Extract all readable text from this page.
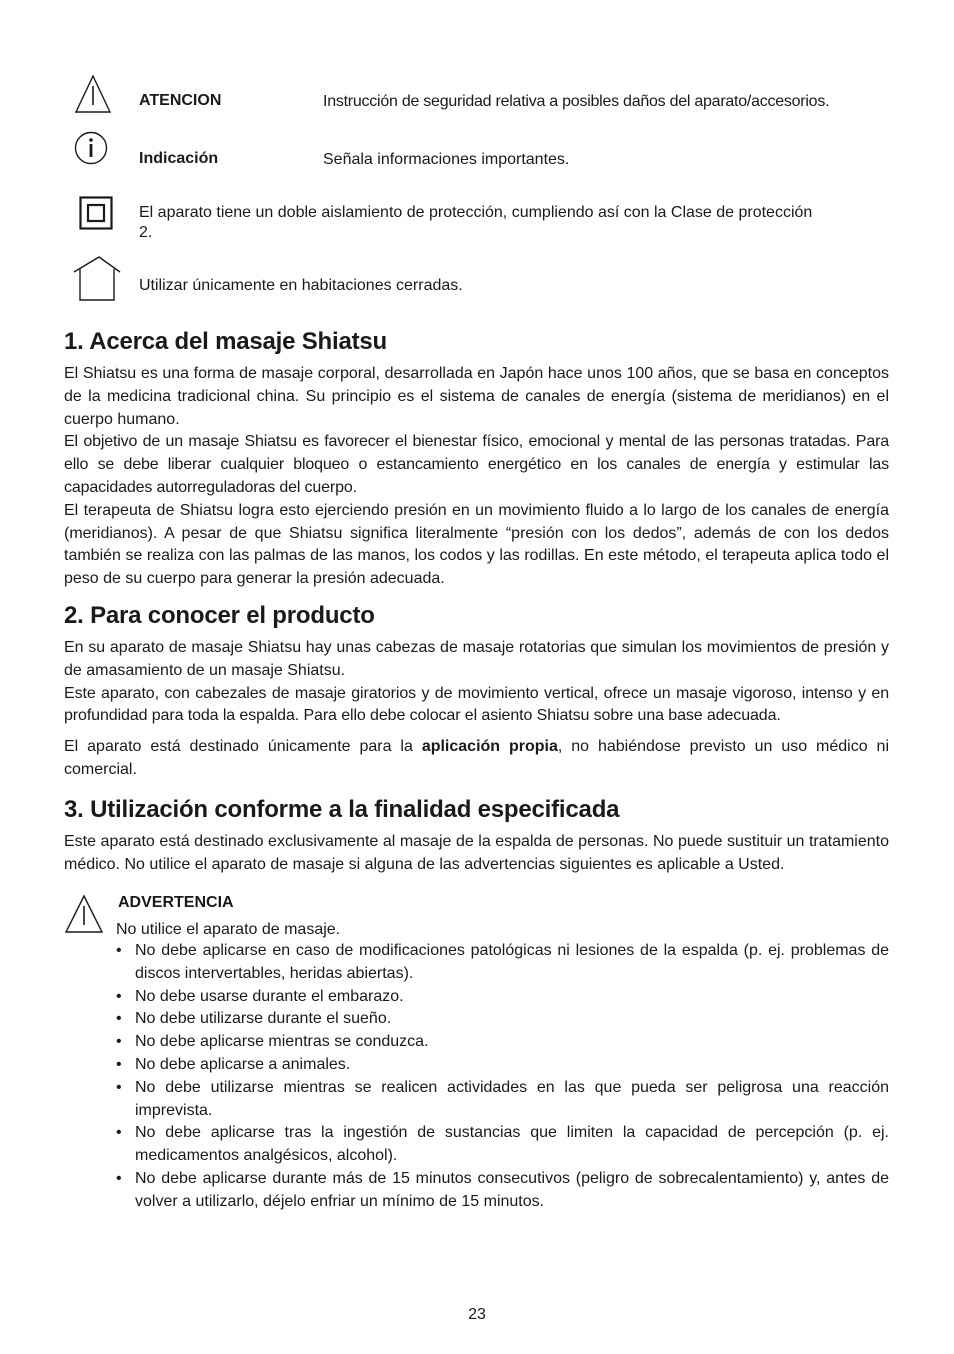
ATENCION	Instrucción de seguridad relativa a posibles daños del aparato/accesorios.
Indicación	Señala informaciones importantes.
El aparato tiene un doble aislamiento de protección, cumpliendo así con la Clase de protección 2.
Utilizar únicamente en habitaciones cerradas.
1. Acerca del masaje Shiatsu

El Shiatsu es una forma de masaje corporal, desarrollada en Japón hace unos 100 años, que se basa en conceptos de la medicina tradicional china. Su principio es el sistema de canales de energía (sistema de meridianos) en el cuerpo humano.

El objetivo de un masaje Shiatsu es favorecer el bienestar físico, emocional y mental de las personas tratadas. Para ello se debe liberar cualquier bloqueo o estancamiento energético en los canales de energía y estimular las capacidades autorreguladoras del cuerpo.

El terapeuta de Shiatsu logra esto ejerciendo presión en un movimiento fluido a lo largo de los canales de energía (meridianos). A pesar de que Shiatsu significa literalmente “presión con los dedos”, además de con los dedos también se realiza con las palmas de las manos, los codos y las rodillas. En este método, el terapeuta aplica todo el peso de su cuerpo para generar la presión adecuada.

2. Para conocer el producto

En su aparato de masaje Shiatsu hay unas cabezas de masaje rotatorias que simulan los movimientos de presión y de amasamiento de un masaje Shiatsu.

Este aparato, con cabezales de masaje giratorios y de movimiento vertical, ofrece un masaje vigoroso, intenso y en profundidad para toda la espalda. Para ello debe colocar el asiento Shiatsu sobre una base adecuada.

El aparato está destinado únicamente para la aplicación propia, no habiéndose previsto un uso médico ni comercial.

3. Utilización conforme a la finalidad especificada

Este aparato está destinado exclusivamente al masaje de la espalda de personas. No puede sustituir un tratamiento médico. No utilice el aparato de masaje si alguna de las advertencias siguientes es aplicable a Usted.

ADVERTENCIA
No utilice el aparato de masaje.
• No debe aplicarse en caso de modificaciones patológicas ni lesiones de la espalda (p. ej. problemas de discos intervertables, heridas abiertas).
• No debe usarse durante el embarazo.
• No debe utilizarse durante el sueño.
• No debe aplicarse mientras se conduzca.
• No debe aplicarse a animales.
• No debe utilizarse mientras se realicen actividades en las que pueda ser peligrosa una reacción imprevista.
• No debe aplicarse tras la ingestión de sustancias que limiten la capacidad de percepción (p. ej. medicamentos analgésicos, alcohol).
• No debe aplicarse durante más de 15 minutos consecutivos (peligro de sobrecalentamiento) y, antes de volver a utilizarlo, déjelo enfriar un mínimo de 15 minutos.
23
